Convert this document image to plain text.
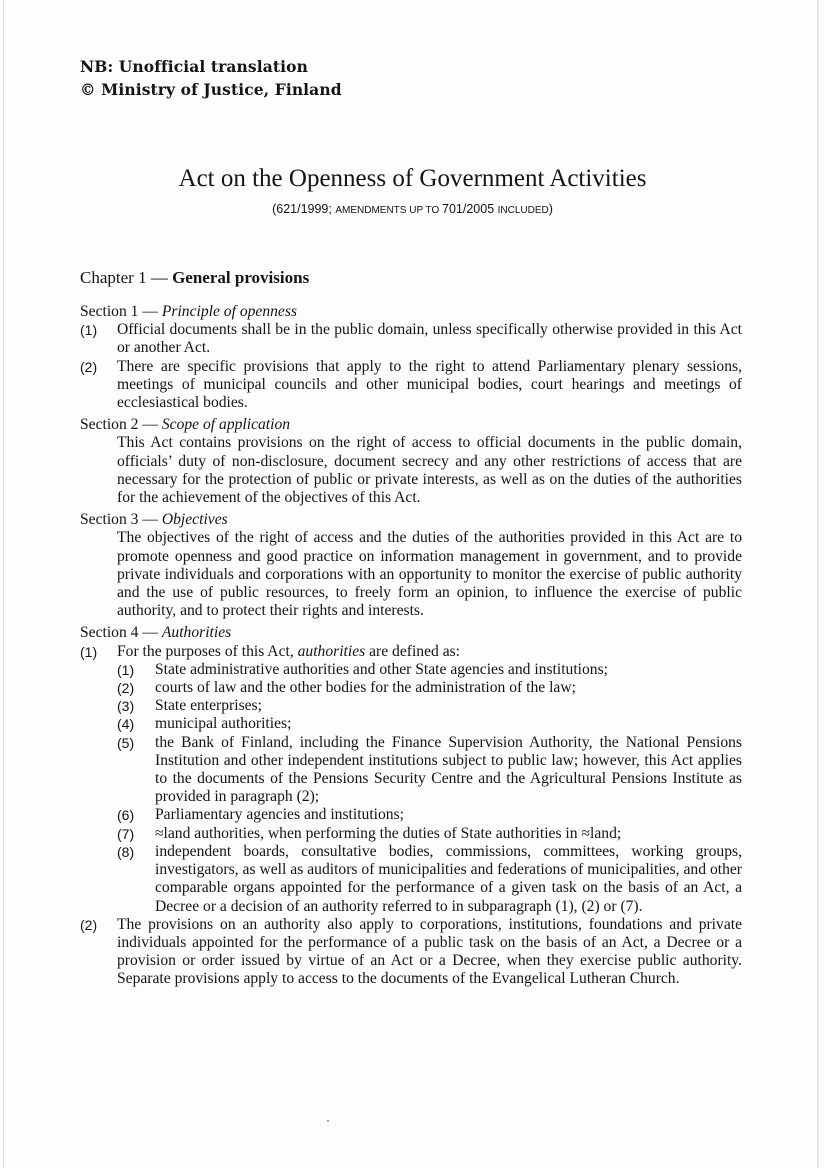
NB: Unofficial translation
© Ministry of Justice, Finland
Act on the Openness of Government Activities
(621/1999; AMENDMENTS UP TO 701/2005 INCLUDED)
Chapter 1 — General provisions
Section 1 — Principle of openness
(1)	Official documents shall be in the public domain, unless specifically otherwise provided in this Act or another Act.
(2)	There are specific provisions that apply to the right to attend Parliamentary plenary sessions, meetings of municipal councils and other municipal bodies, court hearings and meetings of ecclesiastical bodies.
Section 2 — Scope of application
This Act contains provisions on the right of access to official documents in the public domain, officials’ duty of non-disclosure, document secrecy and any other restrictions of access that are necessary for the protection of public or private interests, as well as on the duties of the authorities for the achievement of the objectives of this Act.
Section 3 — Objectives
The objectives of the right of access and the duties of the authorities provided in this Act are to promote openness and good practice on information management in government, and to provide private individuals and corporations with an opportunity to monitor the exercise of public authority and the use of public resources, to freely form an opinion, to influence the exercise of public authority, and to protect their rights and interests.
Section 4 — Authorities
(1)	For the purposes of this Act, authorities are defined as:
(1)	State administrative authorities and other State agencies and institutions;
(2)	courts of law and the other bodies for the administration of the law;
(3)	State enterprises;
(4)	municipal authorities;
(5)	the Bank of Finland, including the Finance Supervision Authority, the National Pensions Institution and other independent institutions subject to public law; however, this Act applies to the documents of the Pensions Security Centre and the Agricultural Pensions Institute as provided in paragraph (2);
(6)	Parliamentary agencies and institutions;
(7)	≈land authorities, when performing the duties of State authorities in ≈land;
(8)	independent boards, consultative bodies, commissions, committees, working groups, investigators, as well as auditors of municipalities and federations of municipalities, and other comparable organs appointed for the performance of a given task on the basis of an Act, a Decree or a decision of an authority referred to in subparagraph (1), (2) or (7).
(2)	The provisions on an authority also apply to corporations, institutions, foundations and private individuals appointed for the performance of a public task on the basis of an Act, a Decree or a provision or order issued by virtue of an Act or a Decree, when they exercise public authority. Separate provisions apply to access to the documents of the Evangelical Lutheran Church.
